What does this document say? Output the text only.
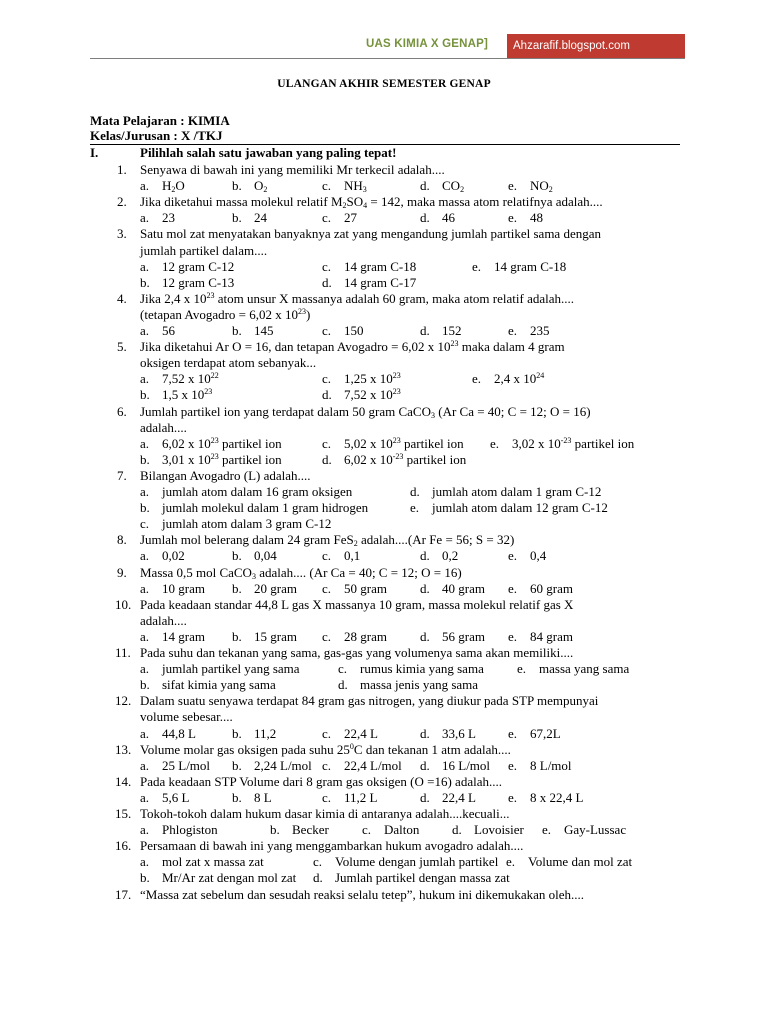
UAS KIMIA X GENAP] Ahzarafif.blogspot.com
ULANGAN AKHIR SEMESTER GENAP
Mata Pelajaran : KIMIA
Kelas/Jurusan : X /TKJ
I.	Pilihlah salah satu jawaban yang paling tepat!
1. Senyawa di bawah ini yang memiliki Mr terkecil adalah....
a. $H_2O$	b. $O_2$	c. $NH_3$	d. $CO_2$	e. $NO_2$
2. Jika diketahui massa molekul relatif $M_2SO_4 = 142$, maka massa atom relatifnya adalah....
a. 23	b. 24	c. 27	d. 46	e. 48
3. Satu mol zat menyatakan banyaknya zat yang mengandung jumlah partikel sama dengan
jumlah partikel dalam....
a. 12 gram C-12	c. 14 gram C-18	e. 14 gram C-18
b. 12 gram C-13	d. 14 gram C-17
4. Jika 2,4 x $10^{23}$ atom unsur X massanya adalah 60 gram, maka atom relatif adalah....
(tetapan Avogadro = 6,02 x $10^{23}$)
a. 56	b. 145	c. 150	d. 152	e. 235
5. Jika diketahui Ar O = 16, dan tetapan Avogadro = 6,02 x $10^{23}$ maka dalam 4 gram
oksigen terdapat atom sebanyak...
a. 7,52 x $10^{22}$	c. 1,25 x $10^{23}$	e. 2,4 x $10^{24}$
b. 1,5 x $10^{23}$	d. 7,52 x $10^{23}$
6. Jumlah partikel ion yang terdapat dalam 50 gram CaCO$_3$ (Ar Ca = 40; C = 12; O = 16)
adalah....
a. 6,02 x $10^{23}$ partikel ion	c. 5,02 x $10^{23}$ partikel ion e. 3,02 x $10^{-23}$ partikel ion
b. 3,01 x $10^{23}$ partikel ion	d. 6,02 x $10^{-23}$ partikel ion
7. Bilangan Avogadro (L) adalah....
a. jumlah atom dalam 16 gram oksigen	d. jumlah atom dalam 1 gram C-12
b. jumlah molekul dalam 1 gram hidrogen	e. jumlah atom dalam 12 gram C-12
c. jumlah atom dalam 3 gram C-12
8. Jumlah mol belerang dalam 24 gram FeS$_2$ adalah....(Ar Fe = 56; S = 32)
a. 0,02	b. 0,04	c. 0,1	d. 0,2	e. 0,4
9. Massa 0,5 mol CaCO$_3$ adalah.... (Ar Ca = 40; C = 12; O = 16)
a. 10 gram b. 20 gram c. 50 gram	d. 40 gram e. 60 gram
10. Pada keadaan standar 44,8 L gas X massanya 10 gram, massa molekul relatif gas X
adalah....
a. 14 gram b. 15 gram c. 28 gram	d. 56 gram e. 84 gram
11. Pada suhu dan tekanan yang sama, gas-gas yang volumenya sama akan memiliki....
a. jumlah partikel yang sama	c. rumus kimia yang sama	e. massa yang sama
b. sifat kimia yang sama	d. massa jenis yang sama
12. Dalam suatu senyawa terdapat 84 gram gas nitrogen, yang diukur pada STP mempunyai
volume sebesar....
a. 44,8 L	b. 11,2	c. 22,4 L	d. 33,6 L e. 67,2L
13. Volume molar gas oksigen pada suhu $25^0C$ dan tekanan 1 atm adalah....
a. 25 L/mol b. 2,24 L/mol c. 22,4 L/mol d. 16 L/mol e. 8 L/mol
14. Pada keadaan STP Volume dari 8 gram gas oksigen (O =16) adalah....
a. 5,6 L	b. 8 L	c. 11,2 L	d. 22,4 L e. 8 x 22,4 L
15. Tokoh-tokoh dalam hukum dasar kimia di antaranya adalah....kecuali...
a. Phlogiston	b. Becker	c. Dalton	d. Lovoisier e. Gay-Lussac
16. Persamaan di bawah ini yang menggambarkan hukum avogadro adalah....
a. mol zat x massa zat	c. Volume dengan jumlah partikel e. Volume dan mol zat
b. Mr/Ar zat dengan mol zat d. Jumlah partikel dengan massa zat
17. “Massa zat sebelum dan sesudah reaksi selalu tetep”, hukum ini dikemukakan oleh....
